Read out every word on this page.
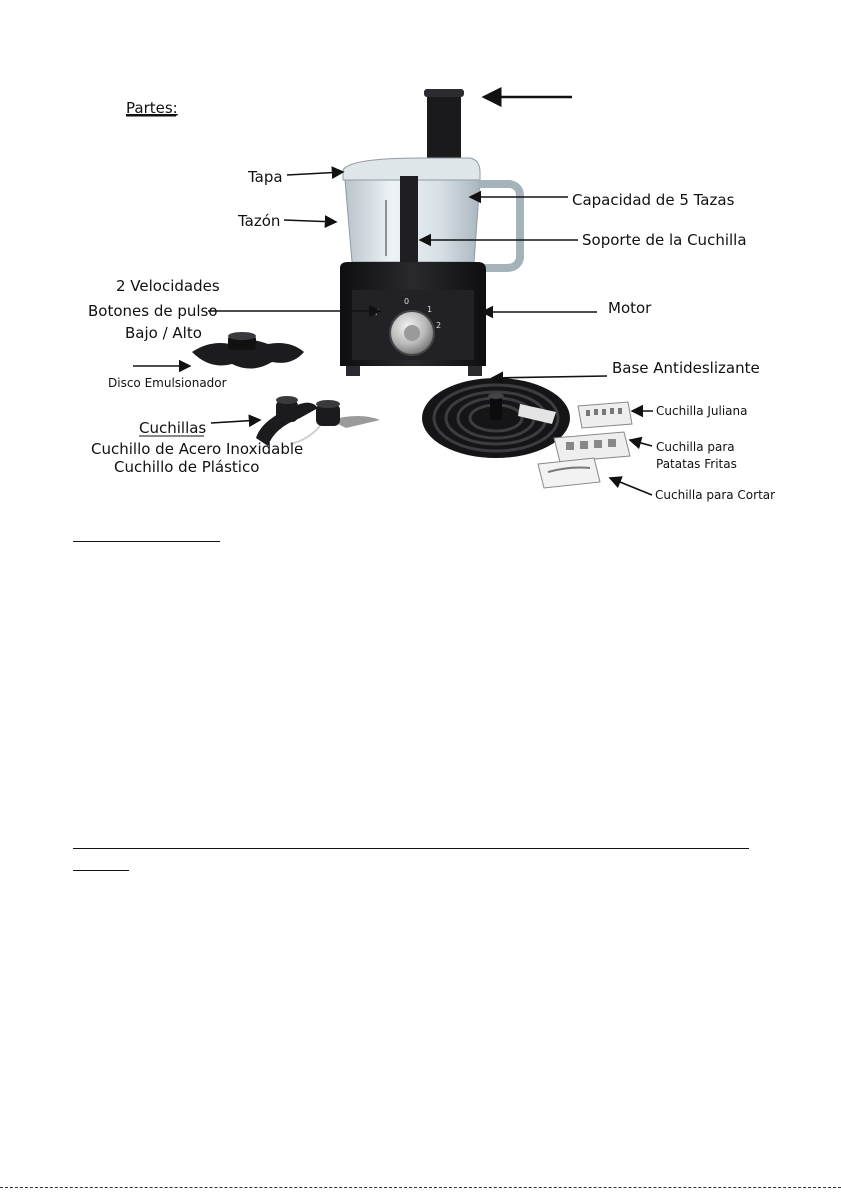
Partes:
P
0
1
2
Tapa
Tazón
Capacidad de 5 Tazas
Soporte de la Cuchilla
2 Velocidades
Botones de pulso
Bajo / Alto
Motor
Base Antideslizante
Disco Emulsionador
Cuchillas
Cuchillo de Acero Inoxidable
Cuchillo de Plástico
Cuchilla Juliana
Cuchilla para
Patatas Fritas
Cuchilla para Cortar
